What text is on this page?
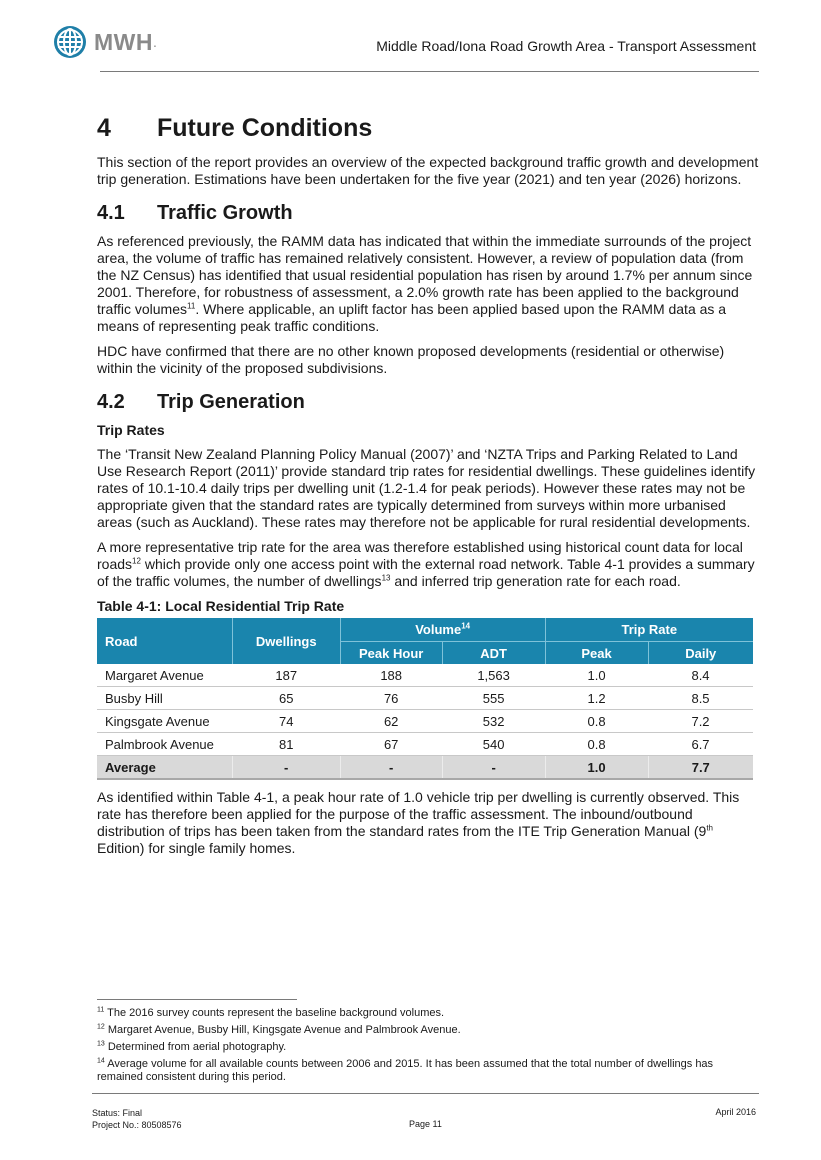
MWH .	Middle Road/Iona Road Growth Area - Transport Assessment
4	Future Conditions

This section of the report provides an overview of the expected background traffic growth and development trip generation. Estimations have been undertaken for the five year (2021) and ten year (2026) horizons.

4.1	Traffic Growth

As referenced previously, the RAMM data has indicated that within the immediate surrounds of the project area, the volume of traffic has remained relatively consistent. However, a review of population data (from the NZ Census) has identified that usual residential population has risen by around 1.7% per annum since 2001. Therefore, for robustness of assessment, a 2.0% growth rate has been applied to the background traffic volumes$^{11}$. Where applicable, an uplift factor has been applied based upon the RAMM data as a means of representing peak traffic conditions.

HDC have confirmed that there are no other known proposed developments (residential or otherwise) within the vicinity of the proposed subdivisions.

4.2	Trip Generation
Trip Rates

The ‘Transit New Zealand Planning Policy Manual (2007)’ and ‘NZTA Trips and Parking Related to Land Use Research Report (2011)’ provide standard trip rates for residential dwellings. These guidelines identify rates of 10.1-10.4 daily trips per dwelling unit (1.2-1.4 for peak periods). However these rates may not be appropriate given that the standard rates are typically determined from surveys within more urbanised areas (such as Auckland). These rates may therefore not be applicable for rural residential developments.

A more representative trip rate for the area was therefore established using historical count data for local roads$^{12}$ which provide only one access point with the external road network. Table 4-1 provides a summary of the traffic volumes, the number of dwellings$^{13}$ and inferred trip generation rate for each road.

Table 4-1: Local Residential Trip Rate
Road	Dwellings	Volume$^{14}$		Trip Rate	
		Peak Hour	ADT	Peak	Daily
Margaret Avenue	187	188	1,563	1.0	8.4
Busby Hill	65	76	555	1.2	8.5
Kingsgate Avenue	74	62	532	0.8	7.2
Palmbrook Avenue	81	67	540	0.8	6.7
Average	-	-	-	1.0	7.7

As identified within Table 4-1, a peak hour rate of 1.0 vehicle trip per dwelling is currently observed. This rate has therefore been applied for the purpose of the traffic assessment. The inbound/outbound distribution of trips has been taken from the standard rates from the ITE Trip Generation Manual (9th Edition) for single family homes.

$^{11}$ The 2016 survey counts represent the baseline background volumes.
$^{12}$ Margaret Avenue, Busby Hill, Kingsgate Avenue and Palmbrook Avenue.
$^{13}$ Determined from aerial photography.
$^{14}$ Average volume for all available counts between 2006 and 2015. It has been assumed that the total number of dwellings has remained consistent during this period.
Status: Final
Project No.: 80508576	Page 11
April 2016
